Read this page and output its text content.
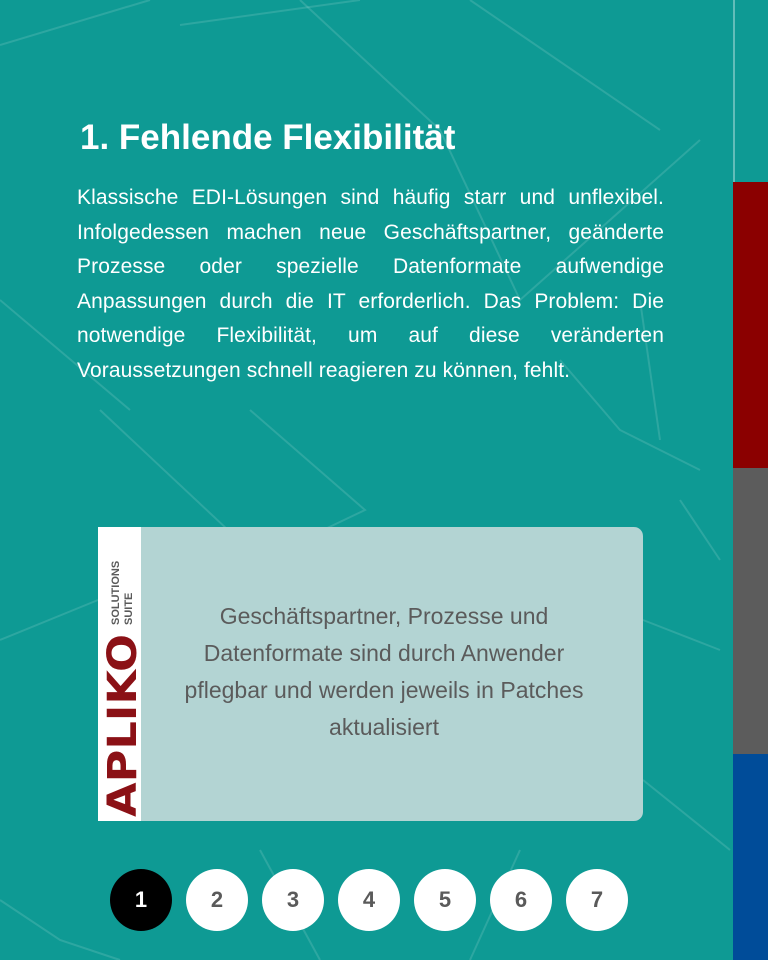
1. Fehlende Flexibilität

Klassische EDI-Lösungen sind häufig starr und unflexibel. Infolgedessen machen neue Geschäftspartner, geänderte Prozesse oder spezielle Datenformate aufwendige Anpassungen durch die IT erforderlich. Das Problem: Die notwendige Flexibilität, um auf diese veränderten Voraussetzungen schnell reagieren zu können, fehlt.

APLIKO
SOLUTIONS SUITE	Geschäftspartner, Prozesse und Datenformate sind durch Anwender pflegbar und werden jeweils in Patches aktualisiert

1	2	3	4	5	6	7
